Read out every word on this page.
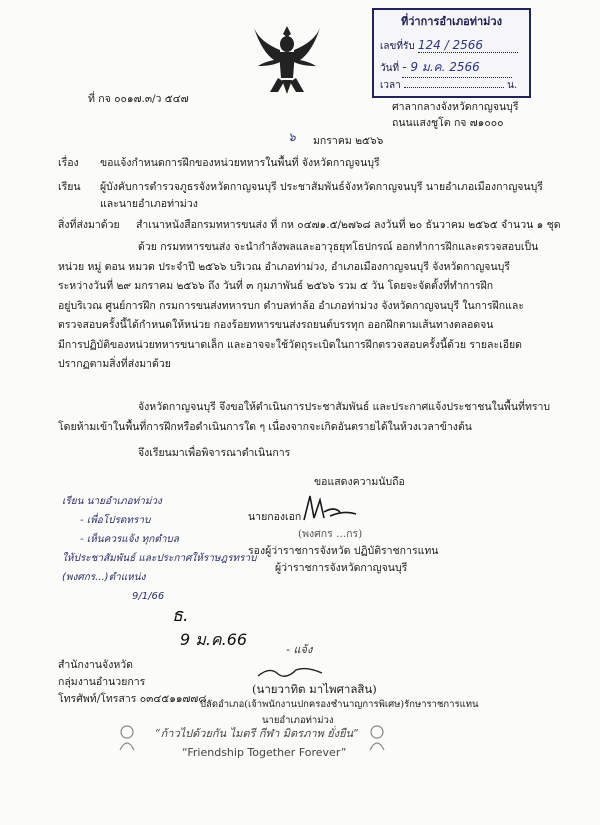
ที่ว่าการอำเภอท่าม่วง
เลขที่รับ 124 / 2566
วันที่ - 9 ม.ค. 2566
เวลา	น.
ที่ กจ ๐๐๑๗.๓/ว ๕๔๗
ศาลากลางจังหวัดกาญจนบุรี
ถนนแสงชูโต กจ ๗๑๐๐๐
๖ มกราคม ๒๕๖๖
เรื่อง ขอแจ้งกำหนดการฝึกของหน่วยทหารในพื้นที่ จังหวัดกาญจนบุรี
เรียน ผู้บังคับการตำรวจภูธรจังหวัดกาญจนบุรี ประชาสัมพันธ์จังหวัดกาญจนบุรี นายอำเภอเมืองกาญจนบุรี
และนายอำเภอท่าม่วง
สิ่งที่ส่งมาด้วย สำเนาหนังสือกรมทหารขนส่ง ที่ กห ๐๔๗๑.๕/๒๗๖๘ ลงวันที่ ๒๐ ธันวาคม ๒๕๖๕ จำนวน ๑ ชุด
ด้วย กรมทหารขนส่ง จะนำกำลังพลและอาวุธยุทโธปกรณ์ ออกทำการฝึกและตรวจสอบเป็น
หน่วย หมู่ ตอน หมวด ประจำปี ๒๕๖๖ บริเวณ อำเภอท่าม่วง, อำเภอเมืองกาญจนบุรี จังหวัดกาญจนบุรี
ระหว่างวันที่ ๒๙ มกราคม ๒๕๖๖ ถึง วันที่ ๓ กุมภาพันธ์ ๒๕๖๖ รวม ๕ วัน โดยจะจัดตั้งที่ทำการฝึก
อยู่บริเวณ ศูนย์การฝึก กรมการขนส่งทหารบก ตำบลท่าล้อ อำเภอท่าม่วง จังหวัดกาญจนบุรี ในการฝึกและ
ตรวจสอบครั้งนี้ได้กำหนดให้หน่วย กองร้อยทหารขนส่งรถยนต์บรรทุก ออกฝึกตามเส้นทางตลอดจน
มีการปฏิบัติของหน่วยทหารขนาดเล็ก และอาจจะใช้วัตถุระเบิดในการฝึกตรวจสอบครั้งนี้ด้วย รายละเอียด
ปรากฏตามสิ่งที่ส่งมาด้วย
จังหวัดกาญจนบุรี จึงขอให้ดำเนินการประชาสัมพันธ์ และประกาศแจ้งประชาชนในพื้นที่ทราบ
โดยห้ามเข้าในพื้นที่การฝึกหรือดำเนินการใด ๆ เนื่องจากจะเกิดอันตรายได้ในห้วงเวลาข้างต้น
จึงเรียนมาเพื่อพิจารณาดำเนินการ
ขอแสดงความนับถือ
เรียน นายอำเภอท่าม่วง
- เพื่อโปรดทราบ
- เห็นควรแจ้ง ทุกตำบล
ให้ประชาสัมพันธ์ และประกาศให้ราษฎรทราบ
(พงศกร...)ตำแหน่ง
9/1/66
นายกองเอก
(พงศกร ...กร)
รองผู้ว่าราชการจังหวัด ปฏิบัติราชการแทน
ผู้ว่าราชการจังหวัดกาญจนบุรี
ธ.
9 ม.ค.66
- แจ้ง
สำนักงานจังหวัด
กลุ่มงานอำนวยการ
โทรศัพท์/โทรสาร ๐๓๔๕๑๑๗๗๘
(นายวาทิต มาไพศาลสิน)
ปลัดอำเภอ(เจ้าพนักงานปกครองชำนาญการพิเศษ)รักษาราชการแทน
นายอำเภอท่าม่วง
“ก้าวไปด้วยกัน ไมตรี กีฬา มิตรภาพ ยั่งยืน”
“Friendship Together Forever”
